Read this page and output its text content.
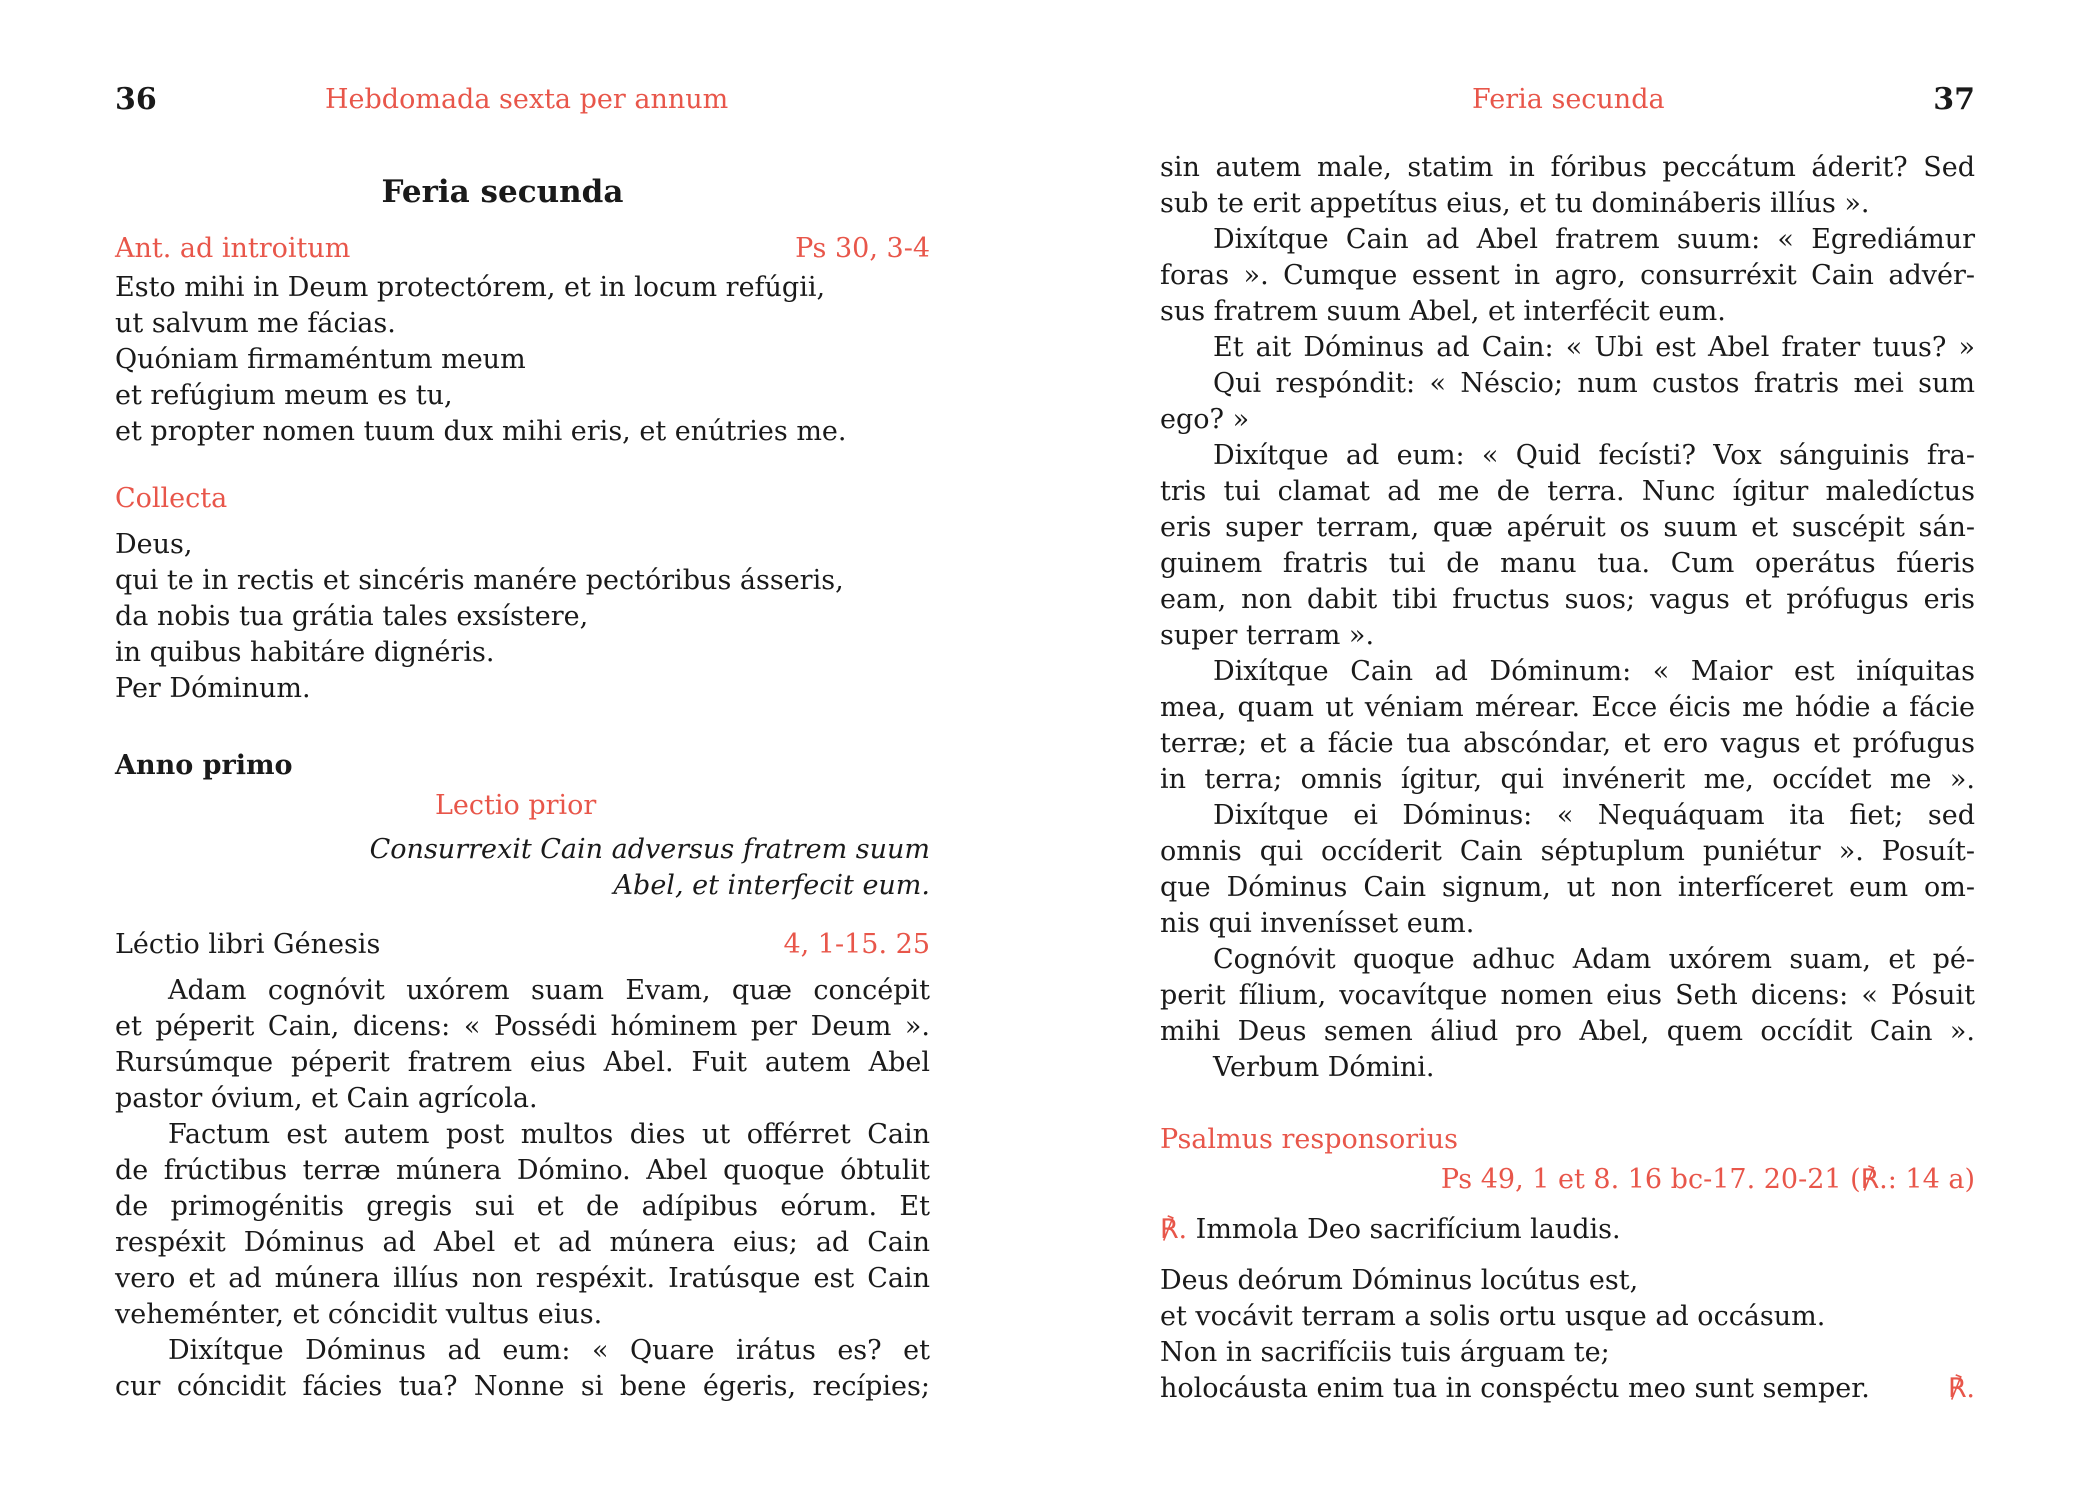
36	Hebdomada sexta per annum
Feria secunda
Ant. ad introitum	Ps 30, 3-4
Esto mihi in Deum protectórem, et in locum refúgii,
ut salvum me fácias.
Quóniam firmaméntum meum
et refúgium meum es tu,
et propter nomen tuum dux mihi eris, et enútries me.
Collecta
Deus,
qui te in rectis et sincéris manére pectóribus ásseris,
da nobis tua grátia tales exsístere,
in quibus habitáre dignéris.
Per Dóminum.
Anno primo
Lectio prior
Consurrexit Cain adversus fratrem suum
Abel, et interfecit eum.
Léctio libri Génesis	4, 1-15. 25
Adam cognóvit uxórem suam Evam, quæ concépit
et péperit Cain, dicens: « Possédi hóminem per Deum ».
Rursúmque péperit fratrem eius Abel. Fuit autem Abel
pastor óvium, et Cain agrícola.
Factum est autem post multos dies ut offérret Cain
de frúctibus terræ múnera Dómino. Abel quoque óbtulit
de primogénitis gregis sui et de adípibus eórum. Et
respéxit Dóminus ad Abel et ad múnera eius; ad Cain
vero et ad múnera illíus non respéxit. Iratúsque est Cain
veheménter, et cóncidit vultus eius.
Dixítque Dóminus ad eum: « Quare irátus es? et
cur cóncidit fácies tua? Nonne si bene égeris, recípies;
Feria secunda	37
sin autem male, statim in fóribus peccátum áderit? Sed
sub te erit appetítus eius, et tu domináberis illíus ».
Dixítque Cain ad Abel fratrem suum: « Egrediámur
foras ». Cumque essent in agro, consurréxit Cain advér-
sus fratrem suum Abel, et interfécit eum.
Et ait Dóminus ad Cain: « Ubi est Abel frater tuus? »
Qui respóndit: « Néscio; num custos fratris mei sum
ego? »
Dixítque ad eum: « Quid fecísti? Vox sánguinis fra-
tris tui clamat ad me de terra. Nunc ígitur maledíctus
eris super terram, quæ apéruit os suum et suscépit sán-
guinem fratris tui de manu tua. Cum operátus fúeris
eam, non dabit tibi fructus suos; vagus et prófugus eris
super terram ».
Dixítque Cain ad Dóminum: « Maior est iníquitas
mea, quam ut véniam mérear. Ecce éicis me hódie a fácie
terræ; et a fácie tua abscóndar, et ero vagus et prófugus
in terra; omnis ígitur, qui invénerit me, occídet me ».
Dixítque ei Dóminus: « Nequáquam ita fiet; sed
omnis qui occíderit Cain séptuplum puniétur ». Posuít-
que Dóminus Cain signum, ut non interfíceret eum om-
nis qui invenísset eum.
Cognóvit quoque adhuc Adam uxórem suam, et pé-
perit fílium, vocavítque nomen eius Seth dicens: « Pósuit
mihi Deus semen áliud pro Abel, quem occídit Cain ».
Verbum Dómini.
Psalmus responsorius
Ps 49, 1 et 8. 16 bc-17. 20-21 (℟.: 14 a)
℟. Immola Deo sacrifícium laudis.
Deus deórum Dóminus locútus est,
et vocávit terram a solis ortu usque ad occásum.
Non in sacrifíciis tuis árguam te;
holocáusta enim tua in conspéctu meo sunt semper.	℟.
